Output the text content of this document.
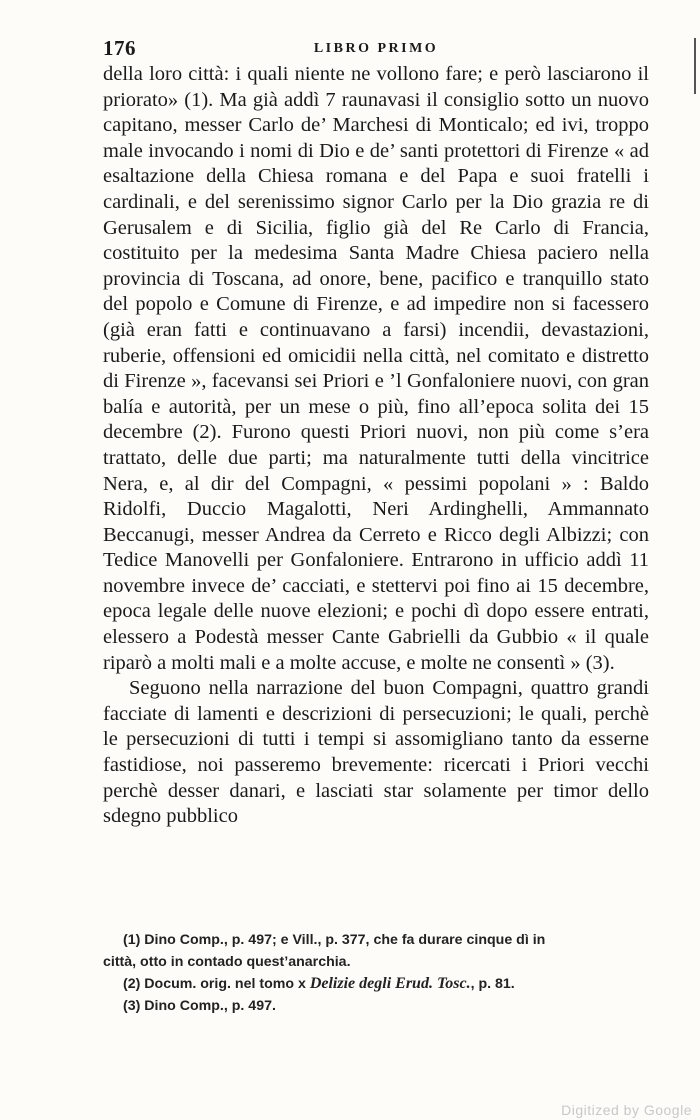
176	LIBRO PRIMO

della loro città: i quali niente ne vollono fare; e però lasciarono il priorato» (1). Ma già addì 7 raunavasi il consiglio sotto un nuovo capitano, messer Carlo de’ Marchesi di Monticalo; ed ivi, troppo male invocando i nomi di Dio e de’ santi protettori di Firenze « ad esaltazione della Chiesa romana e del Papa e suoi fratelli i cardinali, e del serenissimo signor Carlo per la Dio grazia re di Gerusalem e di Sicilia, figlio già del Re Carlo di Francia, costituito per la medesima Santa Madre Chiesa paciero nella provincia di Toscana, ad onore, bene, pacifico e tranquillo stato del popolo e Comune di Firenze, e ad impedire non si facessero (già eran fatti e continuavano a farsi) incendii, devastazioni, ruberie, offensioni ed omicidii nella città, nel comitato e distretto di Firenze », facevansi sei Priori e ’l Gonfaloniere nuovi, con gran balía e autorità, per un mese o più, fino all’epoca solita dei 15 decembre (2). Furono questi Priori nuovi, non più come s’era trattato, delle due parti; ma naturalmente tutti della vincitrice Nera, e, al dir del Compagni, « pessimi popolani » : Baldo Ridolfi, Duccio Magalotti, Neri Ardinghelli, Ammannato Beccanugi, messer Andrea da Cerreto e Ricco degli Albizzi; con Tedice Manovelli per Gonfaloniere. Entrarono in ufficio addì 11 novembre invece de’ cacciati, e stettervi poi fino ai 15 decembre, epoca legale delle nuove elezioni; e pochi dì dopo essere entrati, elessero a Podestà messer Cante Gabrielli da Gubbio « il quale riparò a molti mali e a molte accuse, e molte ne consentì » (3).

Seguono nella narrazione del buon Compagni, quattro grandi facciate di lamenti e descrizioni di persecuzioni; le quali, perchè le persecuzioni di tutti i tempi si assomigliano tanto da esserne fastidiose, noi passeremo brevemente: ricercati i Priori vecchi perchè desser danari, e lasciati star solamente per timor dello sdegno pubblico

(1) Dino Comp., p. 497; e Vill., p. 377, che fa durare cinque dì in

città, otto in contado quest’anarchia.

(2) Docum. orig. nel tomo x Delizie degli Erud. Tosc., p. 81.

(3) Dino Comp., p. 497.

Digitized by Google
